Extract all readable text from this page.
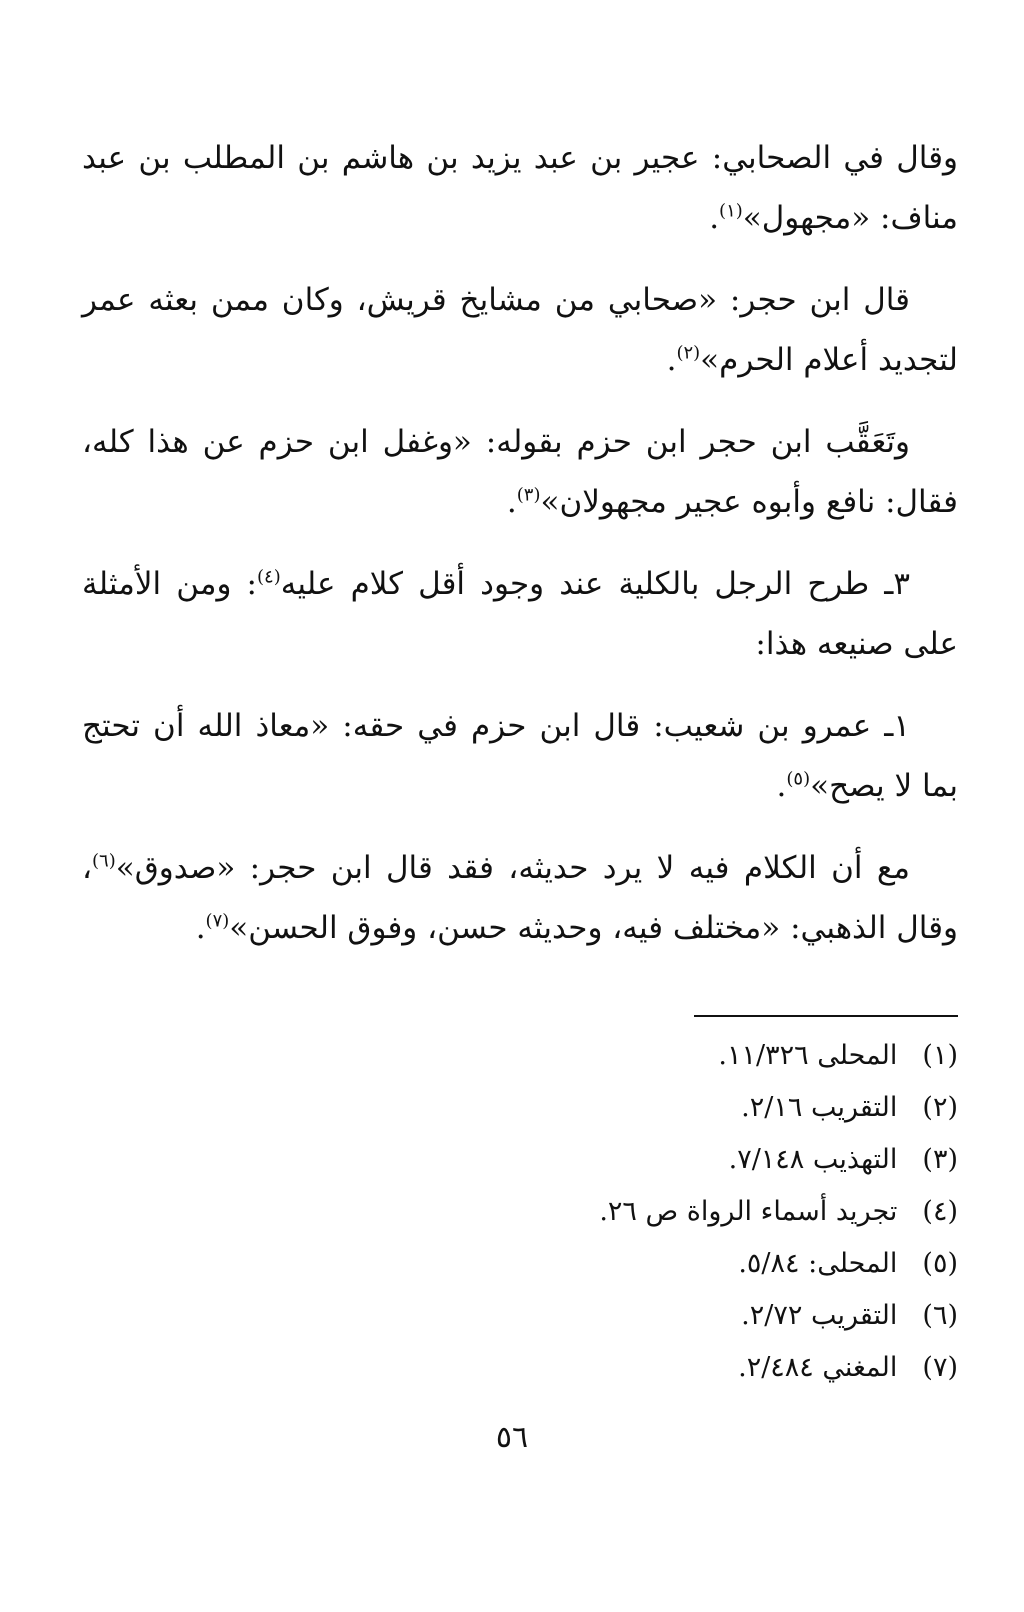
وقال في الصحابي: عجير بن عبد يزيد بن هاشم بن المطلب بن عبد مناف: «مجهول»$^{(١)}$.

قال ابن حجر: «صحابي من مشايخ قريش، وكان ممن بعثه عمر لتجديد أعلام الحرم»$^{(٢)}$.

وتَعَقَّب ابن حجر ابن حزم بقوله: «وغفل ابن حزم عن هذا كله، فقال: نافع وأبوه عجير مجهولان»$^{(٣)}$.

٣ـ طرح الرجل بالكلية عند وجود أقل كلام عليه$^{(٤)}$: ومن الأمثلة على صنيعه هذا:

١ـ عمرو بن شعيب: قال ابن حزم في حقه: «معاذ الله أن تحتج بما لا يصح»$^{(٥)}$.

مع أن الكلام فيه لا يرد حديثه، فقد قال ابن حجر: «صدوق»$^{(٦)}$، وقال الذهبي: «مختلف فيه، وحديثه حسن، وفوق الحسن»$^{(٧)}$.

(١) المحلى ١١/٣٢٦.
(٢) التقريب ٢/١٦.
(٣) التهذيب ٧/١٤٨.
(٤) تجريد أسماء الرواة ص ٢٦.
(٥) المحلى: ٥/٨٤.
(٦) التقريب ٢/٧٢.
(٧) المغني ٢/٤٨٤.
٥٦
